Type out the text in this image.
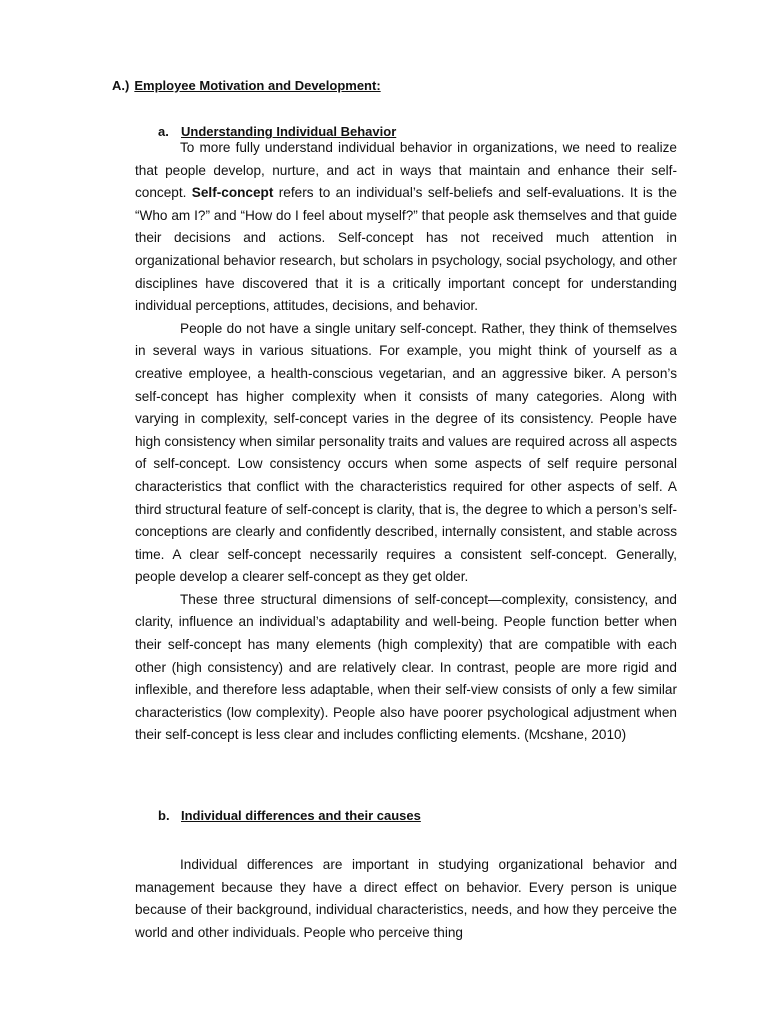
A.) Employee Motivation and Development:
a. Understanding Individual Behavior

To more fully understand individual behavior in organizations, we need to realize that people develop, nurture, and act in ways that maintain and enhance their self-concept. Self-concept refers to an individual’s self-beliefs and self-evaluations. It is the “Who am I?” and “How do I feel about myself?” that people ask themselves and that guide their decisions and actions. Self-concept has not received much attention in organizational behavior research, but scholars in psychology, social psychology, and other disciplines have discovered that it is a critically important concept for understanding individual perceptions, attitudes, decisions, and behavior.

People do not have a single unitary self-concept. Rather, they think of themselves in several ways in various situations. For example, you might think of yourself as a creative employee, a health-conscious vegetarian, and an aggressive biker. A person’s self-concept has higher complexity when it consists of many categories. Along with varying in complexity, self-concept varies in the degree of its consistency. People have high consistency when similar personality traits and values are required across all aspects of self-concept. Low consistency occurs when some aspects of self require personal characteristics that conflict with the characteristics required for other aspects of self. A third structural feature of self-concept is clarity, that is, the degree to which a person’s self-conceptions are clearly and confidently described, internally consistent, and stable across time. A clear self-concept necessarily requires a consistent self-concept. Generally, people develop a clearer self-concept as they get older.

These three structural dimensions of self-concept—complexity, consistency, and clarity, influence an individual’s adaptability and well-being. People function better when their self-concept has many elements (high complexity) that are compatible with each other (high consistency) and are relatively clear. In contrast, people are more rigid and inflexible, and therefore less adaptable, when their self-view consists of only a few similar characteristics (low complexity). People also have poorer psychological adjustment when their self-concept is less clear and includes conflicting elements. (Mcshane, 2010)

b. Individual differences and their causes

Individual differences are important in studying organizational behavior and management because they have a direct effect on behavior. Every person is unique because of their background, individual characteristics, needs, and how they perceive the world and other individuals. People who perceive thing
